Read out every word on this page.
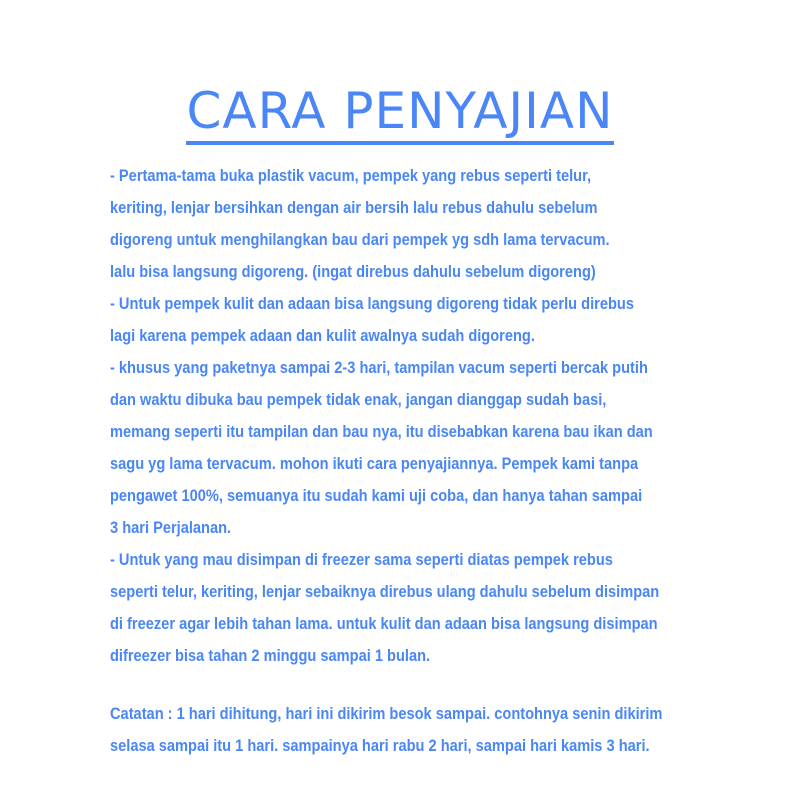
CARA PENYAJIAN
- Pertama-tama buka plastik vacum, pempek yang rebus seperti telur,
keriting, lenjar bersihkan dengan air bersih lalu rebus dahulu sebelum
digoreng untuk menghilangkan bau dari pempek yg sdh lama tervacum.
lalu bisa langsung digoreng. (ingat direbus dahulu sebelum digoreng)
- Untuk pempek kulit dan adaan bisa langsung digoreng tidak perlu direbus
lagi karena pempek adaan dan kulit awalnya sudah digoreng.
- khusus yang paketnya sampai 2-3 hari, tampilan vacum seperti bercak putih
dan waktu dibuka bau pempek tidak enak, jangan dianggap sudah basi,
memang seperti itu tampilan dan bau nya, itu disebabkan karena bau ikan dan
sagu yg lama tervacum. mohon ikuti cara penyajiannya. Pempek kami tanpa
pengawet 100%, semuanya itu sudah kami uji coba, dan hanya tahan sampai
3 hari Perjalanan.
- Untuk yang mau disimpan di freezer sama seperti diatas pempek rebus
seperti telur, keriting, lenjar sebaiknya direbus ulang dahulu sebelum disimpan
di freezer agar lebih tahan lama. untuk kulit dan adaan bisa langsung disimpan
difreezer bisa tahan 2 minggu sampai 1 bulan.
Catatan : 1 hari dihitung, hari ini dikirim besok sampai. contohnya senin dikirim
selasa sampai itu 1 hari. sampainya hari rabu 2 hari, sampai hari kamis 3 hari.
